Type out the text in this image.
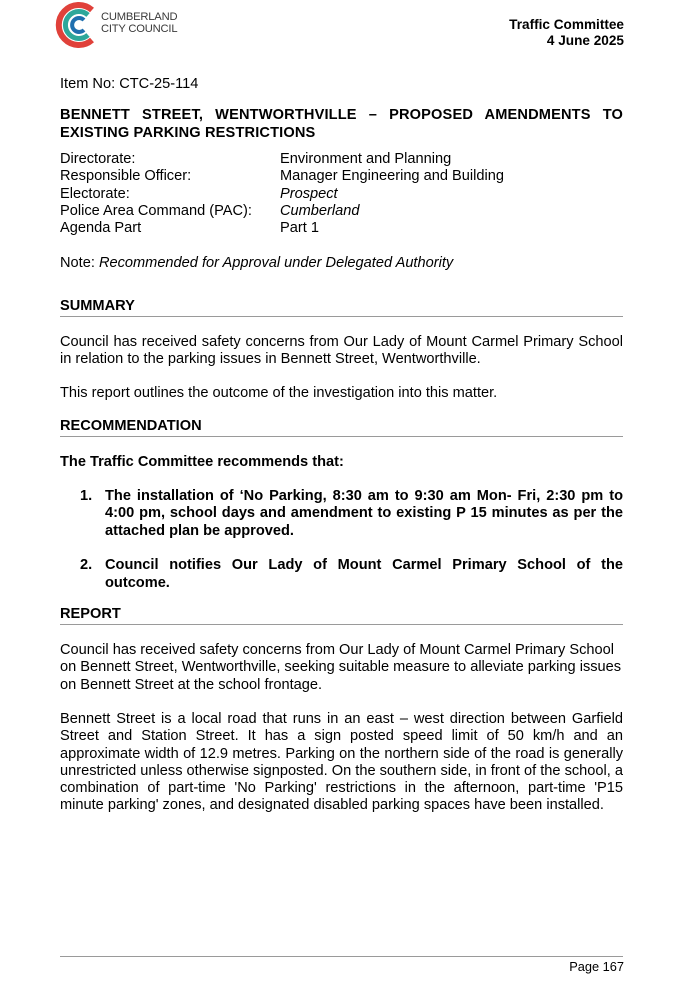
CUMBERLAND
CITY COUNCIL	Traffic Committee
4 June 2025
Item No: CTC-25-114
BENNETT STREET, WENTWORTHVILLE – PROPOSED AMENDMENTS TO EXISTING PARKING RESTRICTIONS
Directorate:	Environment and Planning
Responsible Officer:	Manager Engineering and Building
Electorate:	Prospect
Police Area Command (PAC):	Cumberland
Agenda Part	Part 1
Note: Recommended for Approval under Delegated Authority
SUMMARY
Council has received safety concerns from Our Lady of Mount Carmel Primary School in relation to the parking issues in Bennett Street, Wentworthville.
This report outlines the outcome of the investigation into this matter.
RECOMMENDATION
The Traffic Committee recommends that:
1. The installation of ‘No Parking, 8:30 am to 9:30 am Mon- Fri, 2:30 pm to 4:00 pm, school days and amendment to existing P 15 minutes as per the attached plan be approved.
2. Council notifies Our Lady of Mount Carmel Primary School of the outcome.
REPORT
Council has received safety concerns from Our Lady of Mount Carmel Primary School on Bennett Street, Wentworthville, seeking suitable measure to alleviate parking issues on Bennett Street at the school frontage.
Bennett Street is a local road that runs in an east – west direction between Garfield Street and Station Street. It has a sign posted speed limit of 50 km/h and an approximate width of 12.9 metres. Parking on the northern side of the road is generally unrestricted unless otherwise signposted. On the southern side, in front of the school, a combination of part-time 'No Parking' restrictions in the afternoon, part-time 'P15 minute parking' zones, and designated disabled parking spaces have been installed.
Page 167
